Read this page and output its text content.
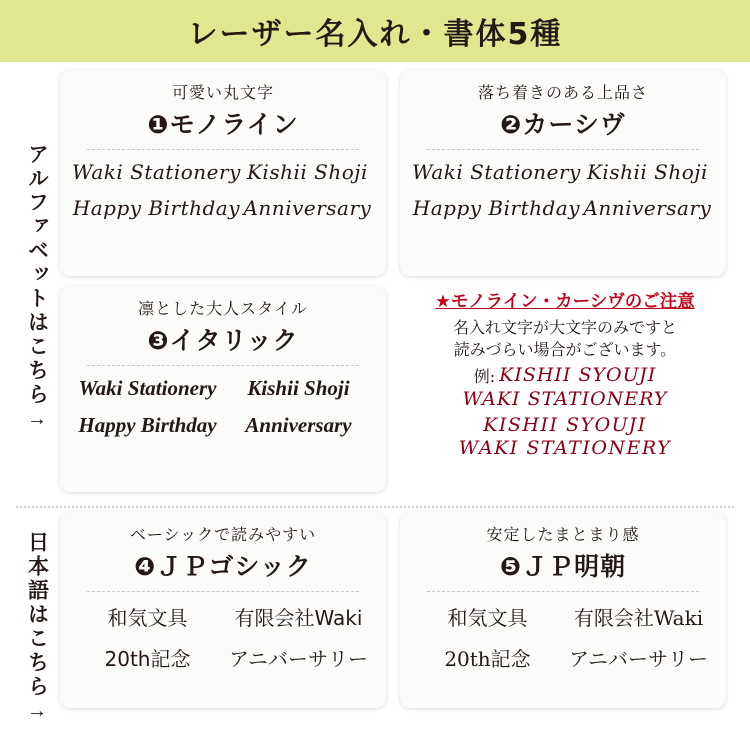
レーザー名入れ・書体5種
アルファベットはこちら
→
可愛い丸文字
❶モノライン
Waki Stationery Kishii Shoji
Happy Birthday Anniversary
落ち着きのある上品さ
❷カーシヴ
Waki Stationery Kishii Shoji
Happy Birthday Anniversary
凛とした大人スタイル
❸イタリック
Waki Stationery Kishii Shoji
Happy Birthday Anniversary
★モノライン・カーシヴのご注意
名入れ文字が大文字のみですと
読みづらい場合がございます。
例: KISHII SYOUJI
WAKI STATIONERY
KISHII SYOUJI
WAKI STATIONERY
日本語はこちら
→
ベーシックで読みやすい
❹ＪＰゴシック
和気文具 有限会社Waki
20th記念 アニバーサリー
安定したまとまり感
❺ＪＰ明朝
和気文具 有限会社Waki
20th記念 アニバーサリー
